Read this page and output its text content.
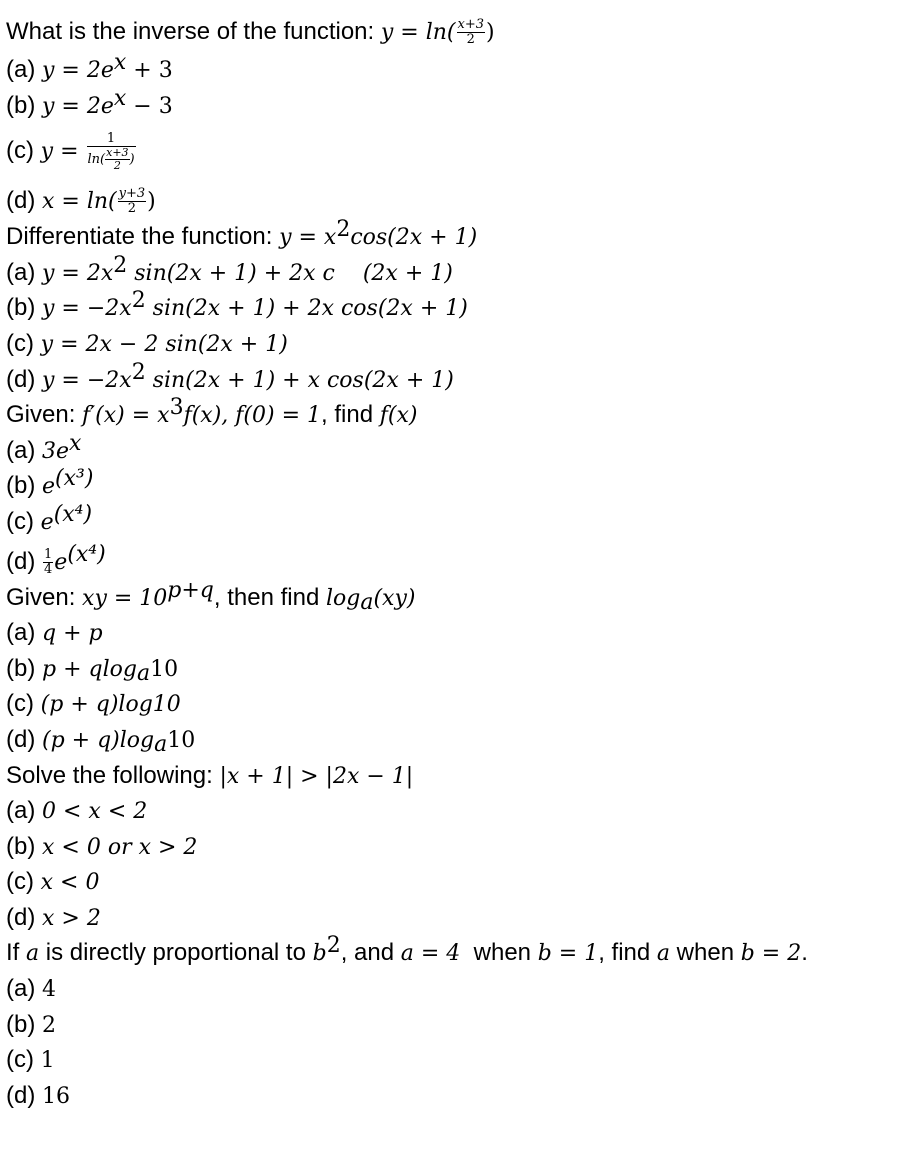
What is the inverse of the function: $y = \ln( \frac{x+3}{2}$ )
(a) $y = 2e^x + 3$
(b) $y = 2e^x - 3$
(c) $y = \frac{1}{\ln( \frac{x+3}{2} )}$
(d) $x = \ln( \frac{y+3}{2}$ )
Differentiate the function: $y = x^2\cos(2x + 1)$
(a) $y = 2x^2$ sin(2x + 1) + 2x c    (2x + 1)
(b) $y = -2x^2$ sin(2x + 1) + 2x cos(2x + 1)
(c) y = 2x − 2 sin(2x + 1)
(d) $y = -2x^2$ sin(2x + 1) + x cos(2x + 1)
Given: $f'(x) = x^3f(x)$, f(0) = 1, find f(x)
(a) $3e^x$
(b) $e^{(x^3)}$
(c) $e^{(x^4)}$
$(d) \frac{1}{4} e^{(x^4)}$
Given: xy = $10^{p+q}$, then find $\log_a(xy)$
(a) q + p
(b) p + qlog$_a$10
(c) (p + q)log10
(d) $(p + q)\log_a10$
Solve the following: |x + 1| > |2x − 1|
(a) 0 < x < 2
(b) x < 0 or x > 2
(c) x < 0
(d) x > 2
If a is directly proportional to $b^2$, and a = 4  when b = 1, find a when b = 2.
(a) 4
(b) 2
(c) 1
(d) 16
